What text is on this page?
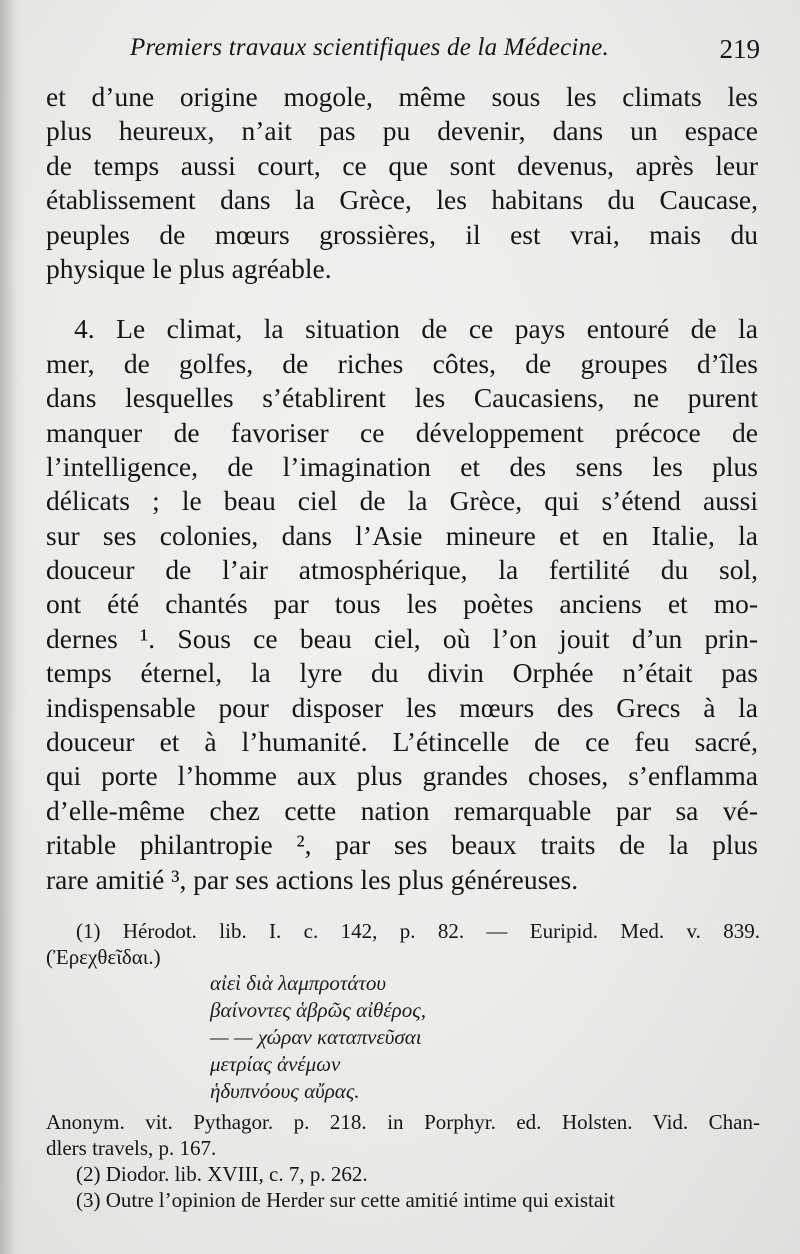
Premiers travaux scientifiques de la Médecine.	219
et d’une origine mogole, même sous les climats les
plus heureux, n’ait pas pu devenir, dans un espace
de temps aussi court, ce que sont devenus, après leur
établissement dans la Grèce, les habitans du Caucase,
peuples de mœurs grossières, il est vrai, mais du
physique le plus agréable.
4. Le climat, la situation de ce pays entouré de la
mer, de golfes, de riches côtes, de groupes d’îles
dans lesquelles s’établirent les Caucasiens, ne purent
manquer de favoriser ce développement précoce de
l’intelligence, de l’imagination et des sens les plus
délicats ; le beau ciel de la Grèce, qui s’étend aussi
sur ses colonies, dans l’Asie mineure et en Italie, la
douceur de l’air atmosphérique, la fertilité du sol,
ont été chantés par tous les poètes anciens et mo-
dernes ¹. Sous ce beau ciel, où l’on jouit d’un prin-
temps éternel, la lyre du divin Orphée n’était pas
indispensable pour disposer les mœurs des Grecs à la
douceur et à l’humanité. L’étincelle de ce feu sacré,
qui porte l’homme aux plus grandes choses, s’enflamma
d’elle-même chez cette nation remarquable par sa vé-
ritable philantropie ², par ses beaux traits de la plus
rare amitié ³, par ses actions les plus généreuses.
(1) Hérodot. lib. I. c. 142, p. 82. — Euripid. Med. v. 839.
(Ἐρεχθεῖδαι.)
αἰεὶ διὰ λαμπροτάτου
βαίνοντες ἁβρῶς αἰθέρος,
— — χώραν καταπνεῦσαι
μετρίας ἀνέμων
ἡδυπνόους αὔρας.
Anonym. vit. Pythagor. p. 218. in Porphyr. ed. Holsten. Vid. Chan-
dlers travels, p. 167.
(2) Diodor. lib. XVIII, c. 7, p. 262.
(3) Outre l’opinion de Herder sur cette amitié intime qui existait
